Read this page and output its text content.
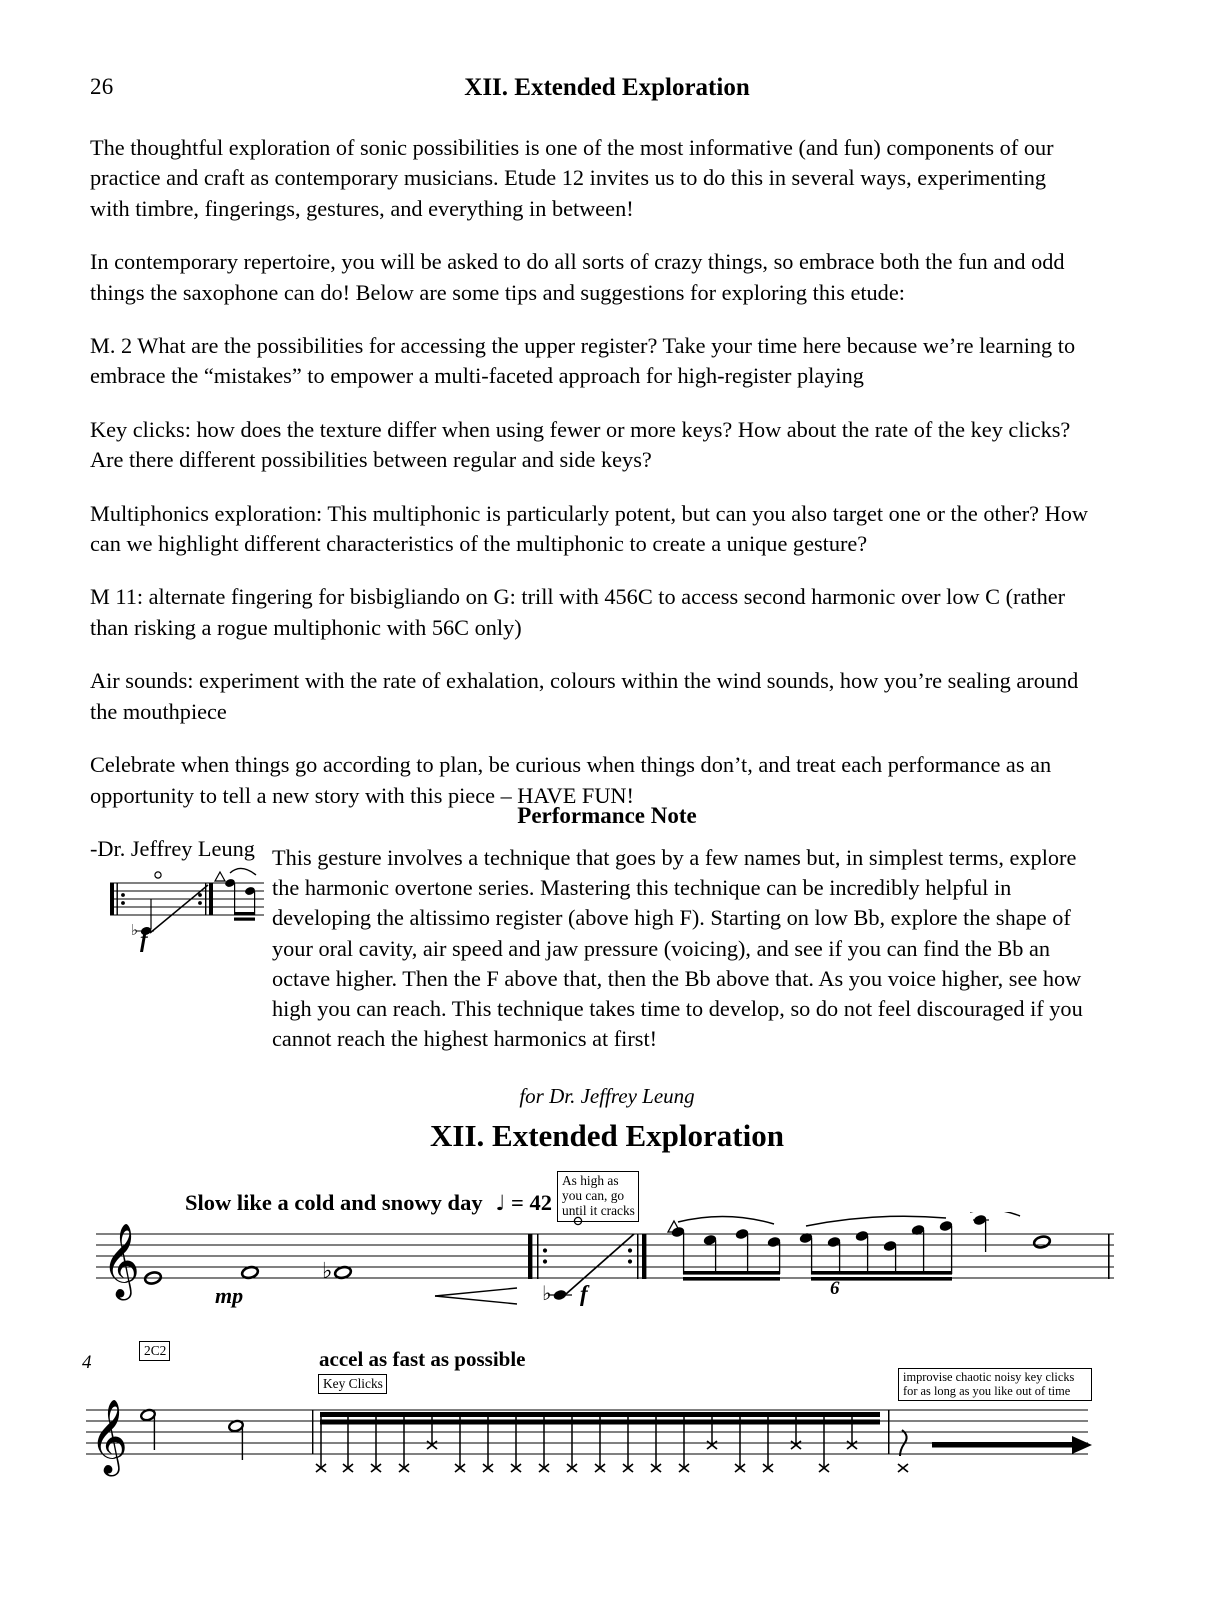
26	XII. Extended Exploration

The thoughtful exploration of sonic possibilities is one of the most informative (and fun) components of our practice and craft as contemporary musicians. Etude 12 invites us to do this in several ways, experimenting with timbre, fingerings, gestures, and everything in between!

In contemporary repertoire, you will be asked to do all sorts of crazy things, so embrace both the fun and odd things the saxophone can do! Below are some tips and suggestions for exploring this etude:

M. 2 What are the possibilities for accessing the upper register? Take your time here because we’re learning to embrace the “mistakes” to empower a multi-faceted approach for high-register playing

Key clicks: how does the texture differ when using fewer or more keys? How about the rate of the key clicks? Are there different possibilities between regular and side keys?

Multiphonics exploration: This multiphonic is particularly potent, but can you also target one or the other? How can we highlight different characteristics of the multiphonic to create a unique gesture?

M 11: alternate fingering for bisbigliando on G: trill with 456C to access second harmonic over low C (rather than risking a rogue multiphonic with 56C only)

Air sounds: experiment with the rate of exhalation, colours within the wind sounds, how you’re sealing around the mouthpiece

Celebrate when things go according to plan, be curious when things don’t, and treat each performance as an opportunity to tell a new story with this piece – HAVE FUN!

-Dr. Jeffrey Leung

Performance Note
This gesture involves a technique that goes by a few names but, in simplest terms, explore the harmonic overtone series. Mastering this technique can be incredibly helpful in developing the altissimo register (above high F). Starting on low Bb, explore the shape of your oral cavity, air speed and jaw pressure (voicing), and see if you can find the Bb an octave higher. Then the F above that, then the Bb above that. As you voice higher, see how high you can reach. This technique takes time to develop, so do not feel discouraged if you cannot reach the highest harmonics at first!
♭ f
for Dr. Jeffrey Leung
XII. Extended Exploration
Slow like a cold and snowy day  ♩ = 42
As high as
you can, go
until it cracks
𝄞	♭
♭
mp	f	6
accel as fast as possible
4
2C2
Key Clicks	improvise chaotic noisy key clicks
for as long as you like out of time
𝄞
